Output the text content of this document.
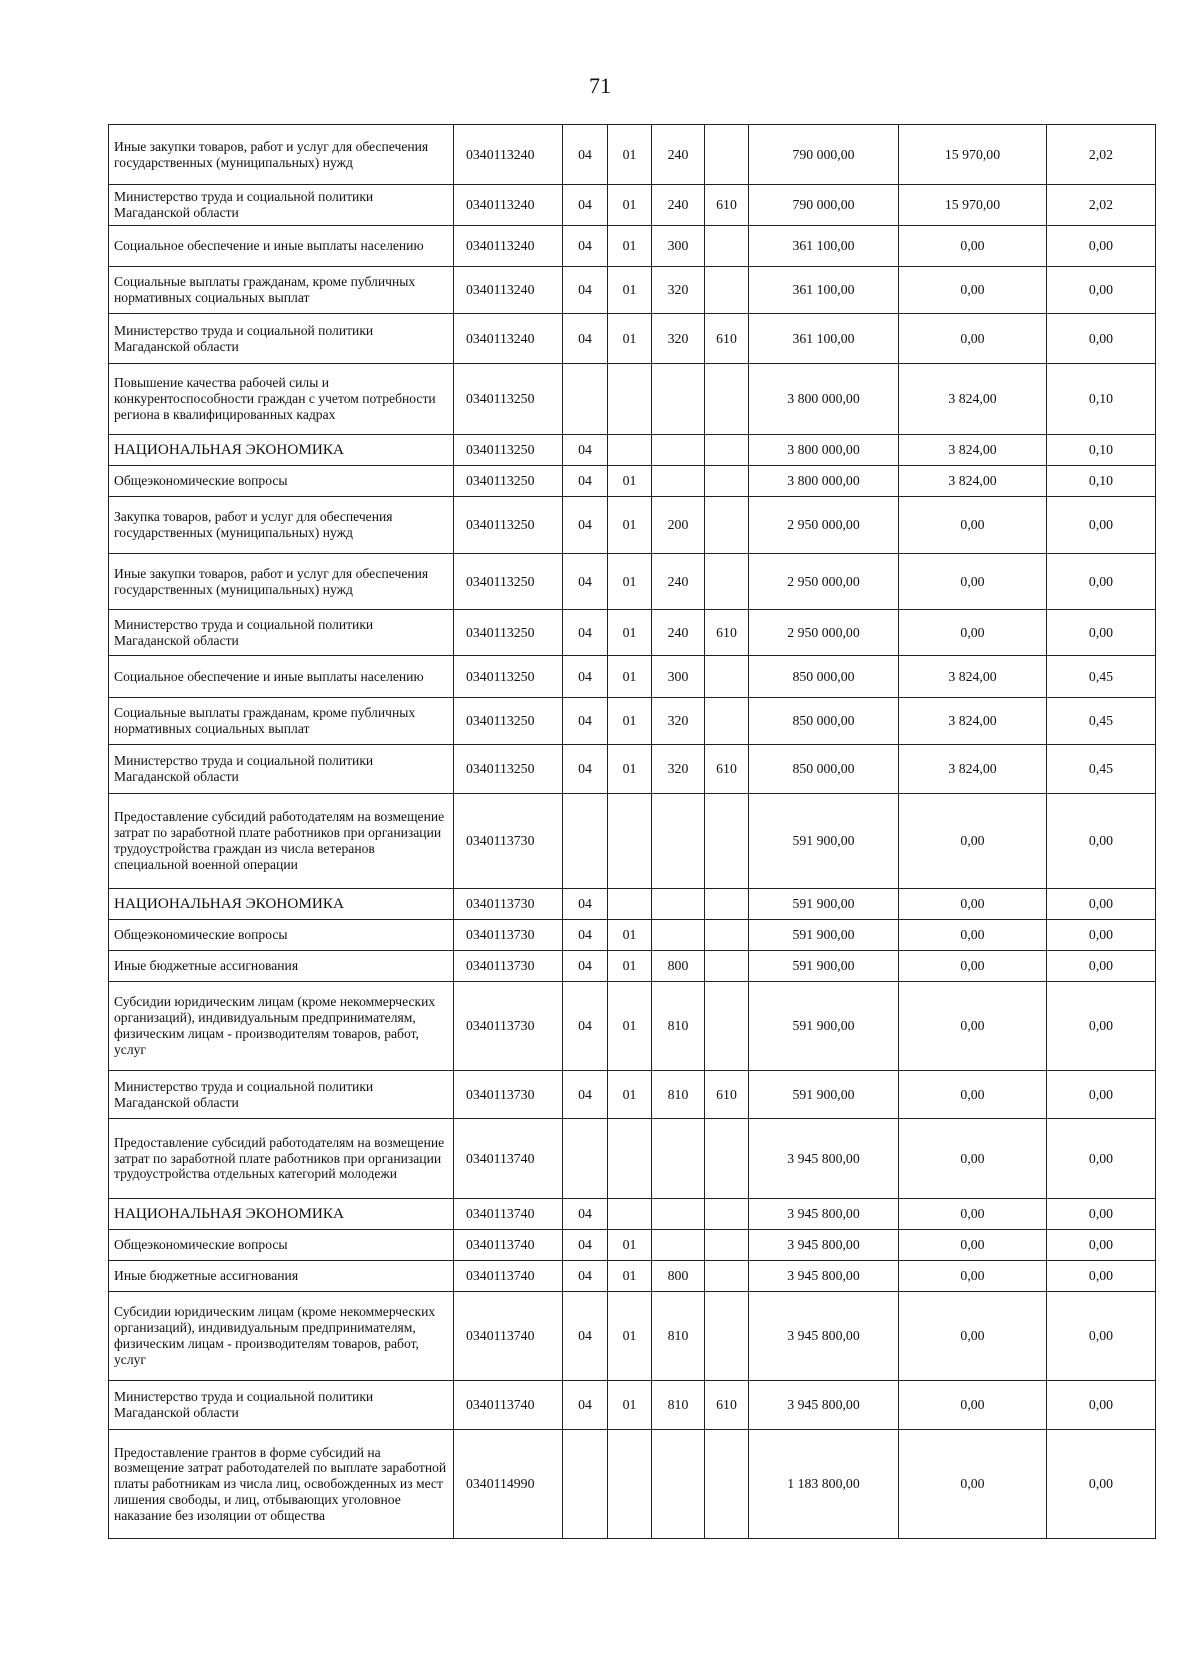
71
Иные закупки товаров, работ и услуг для обеспечения государственных (муниципальных) нужд	0340113240	04	01	240		790 000,00	15 970,00	2,02
Министерство труда и социальной политики Магаданской области	0340113240	04	01	240	610	790 000,00	15 970,00	2,02
Социальное обеспечение и иные выплаты населению	0340113240	04	01	300		361 100,00	0,00	0,00
Социальные выплаты гражданам, кроме публичных нормативных социальных выплат	0340113240	04	01	320		361 100,00	0,00	0,00
Министерство труда и социальной политики Магаданской области	0340113240	04	01	320	610	361 100,00	0,00	0,00
Повышение качества рабочей силы и конкурентоспособности граждан с учетом потребности региона в квалифицированных кадрах	0340113250					3 800 000,00	3 824,00	0,10
НАЦИОНАЛЬНАЯ ЭКОНОМИКА	0340113250	04				3 800 000,00	3 824,00	0,10
Общеэкономические вопросы	0340113250	04	01			3 800 000,00	3 824,00	0,10
Закупка товаров, работ и услуг для обеспечения государственных (муниципальных) нужд	0340113250	04	01	200		2 950 000,00	0,00	0,00
Иные закупки товаров, работ и услуг для обеспечения государственных (муниципальных) нужд	0340113250	04	01	240		2 950 000,00	0,00	0,00
Министерство труда и социальной политики Магаданской области	0340113250	04	01	240	610	2 950 000,00	0,00	0,00
Социальное обеспечение и иные выплаты населению	0340113250	04	01	300		850 000,00	3 824,00	0,45
Социальные выплаты гражданам, кроме публичных нормативных социальных выплат	0340113250	04	01	320		850 000,00	3 824,00	0,45
Министерство труда и социальной политики Магаданской области	0340113250	04	01	320	610	850 000,00	3 824,00	0,45
Предоставление субсидий работодателям на возмещение затрат по заработной плате работников при организации трудоустройства граждан из числа ветеранов специальной военной операции	0340113730					591 900,00	0,00	0,00
НАЦИОНАЛЬНАЯ ЭКОНОМИКА	0340113730	04				591 900,00	0,00	0,00
Общеэкономические вопросы	0340113730	04	01			591 900,00	0,00	0,00
Иные бюджетные ассигнования	0340113730	04	01	800		591 900,00	0,00	0,00
Субсидии юридическим лицам (кроме некоммерческих организаций), индивидуальным предпринимателям, физическим лицам - производителям товаров, работ, услуг	0340113730	04	01	810		591 900,00	0,00	0,00
Министерство труда и социальной политики Магаданской области	0340113730	04	01	810	610	591 900,00	0,00	0,00
Предоставление субсидий работодателям на возмещение затрат по заработной плате работников при организации трудоустройства отдельных категорий молодежи	0340113740					3 945 800,00	0,00	0,00
НАЦИОНАЛЬНАЯ ЭКОНОМИКА	0340113740	04				3 945 800,00	0,00	0,00
Общеэкономические вопросы	0340113740	04	01			3 945 800,00	0,00	0,00
Иные бюджетные ассигнования	0340113740	04	01	800		3 945 800,00	0,00	0,00
Субсидии юридическим лицам (кроме некоммерческих организаций), индивидуальным предпринимателям, физическим лицам - производителям товаров, работ, услуг	0340113740	04	01	810		3 945 800,00	0,00	0,00
Министерство труда и социальной политики Магаданской области	0340113740	04	01	810	610	3 945 800,00	0,00	0,00
Предоставление грантов в форме субсидий на возмещение затрат работодателей по выплате заработной платы работникам из числа лиц, освобожденных из мест лишения свободы, и лиц, отбывающих уголовное наказание без изоляции от общества	0340114990					1 183 800,00	0,00	0,00
